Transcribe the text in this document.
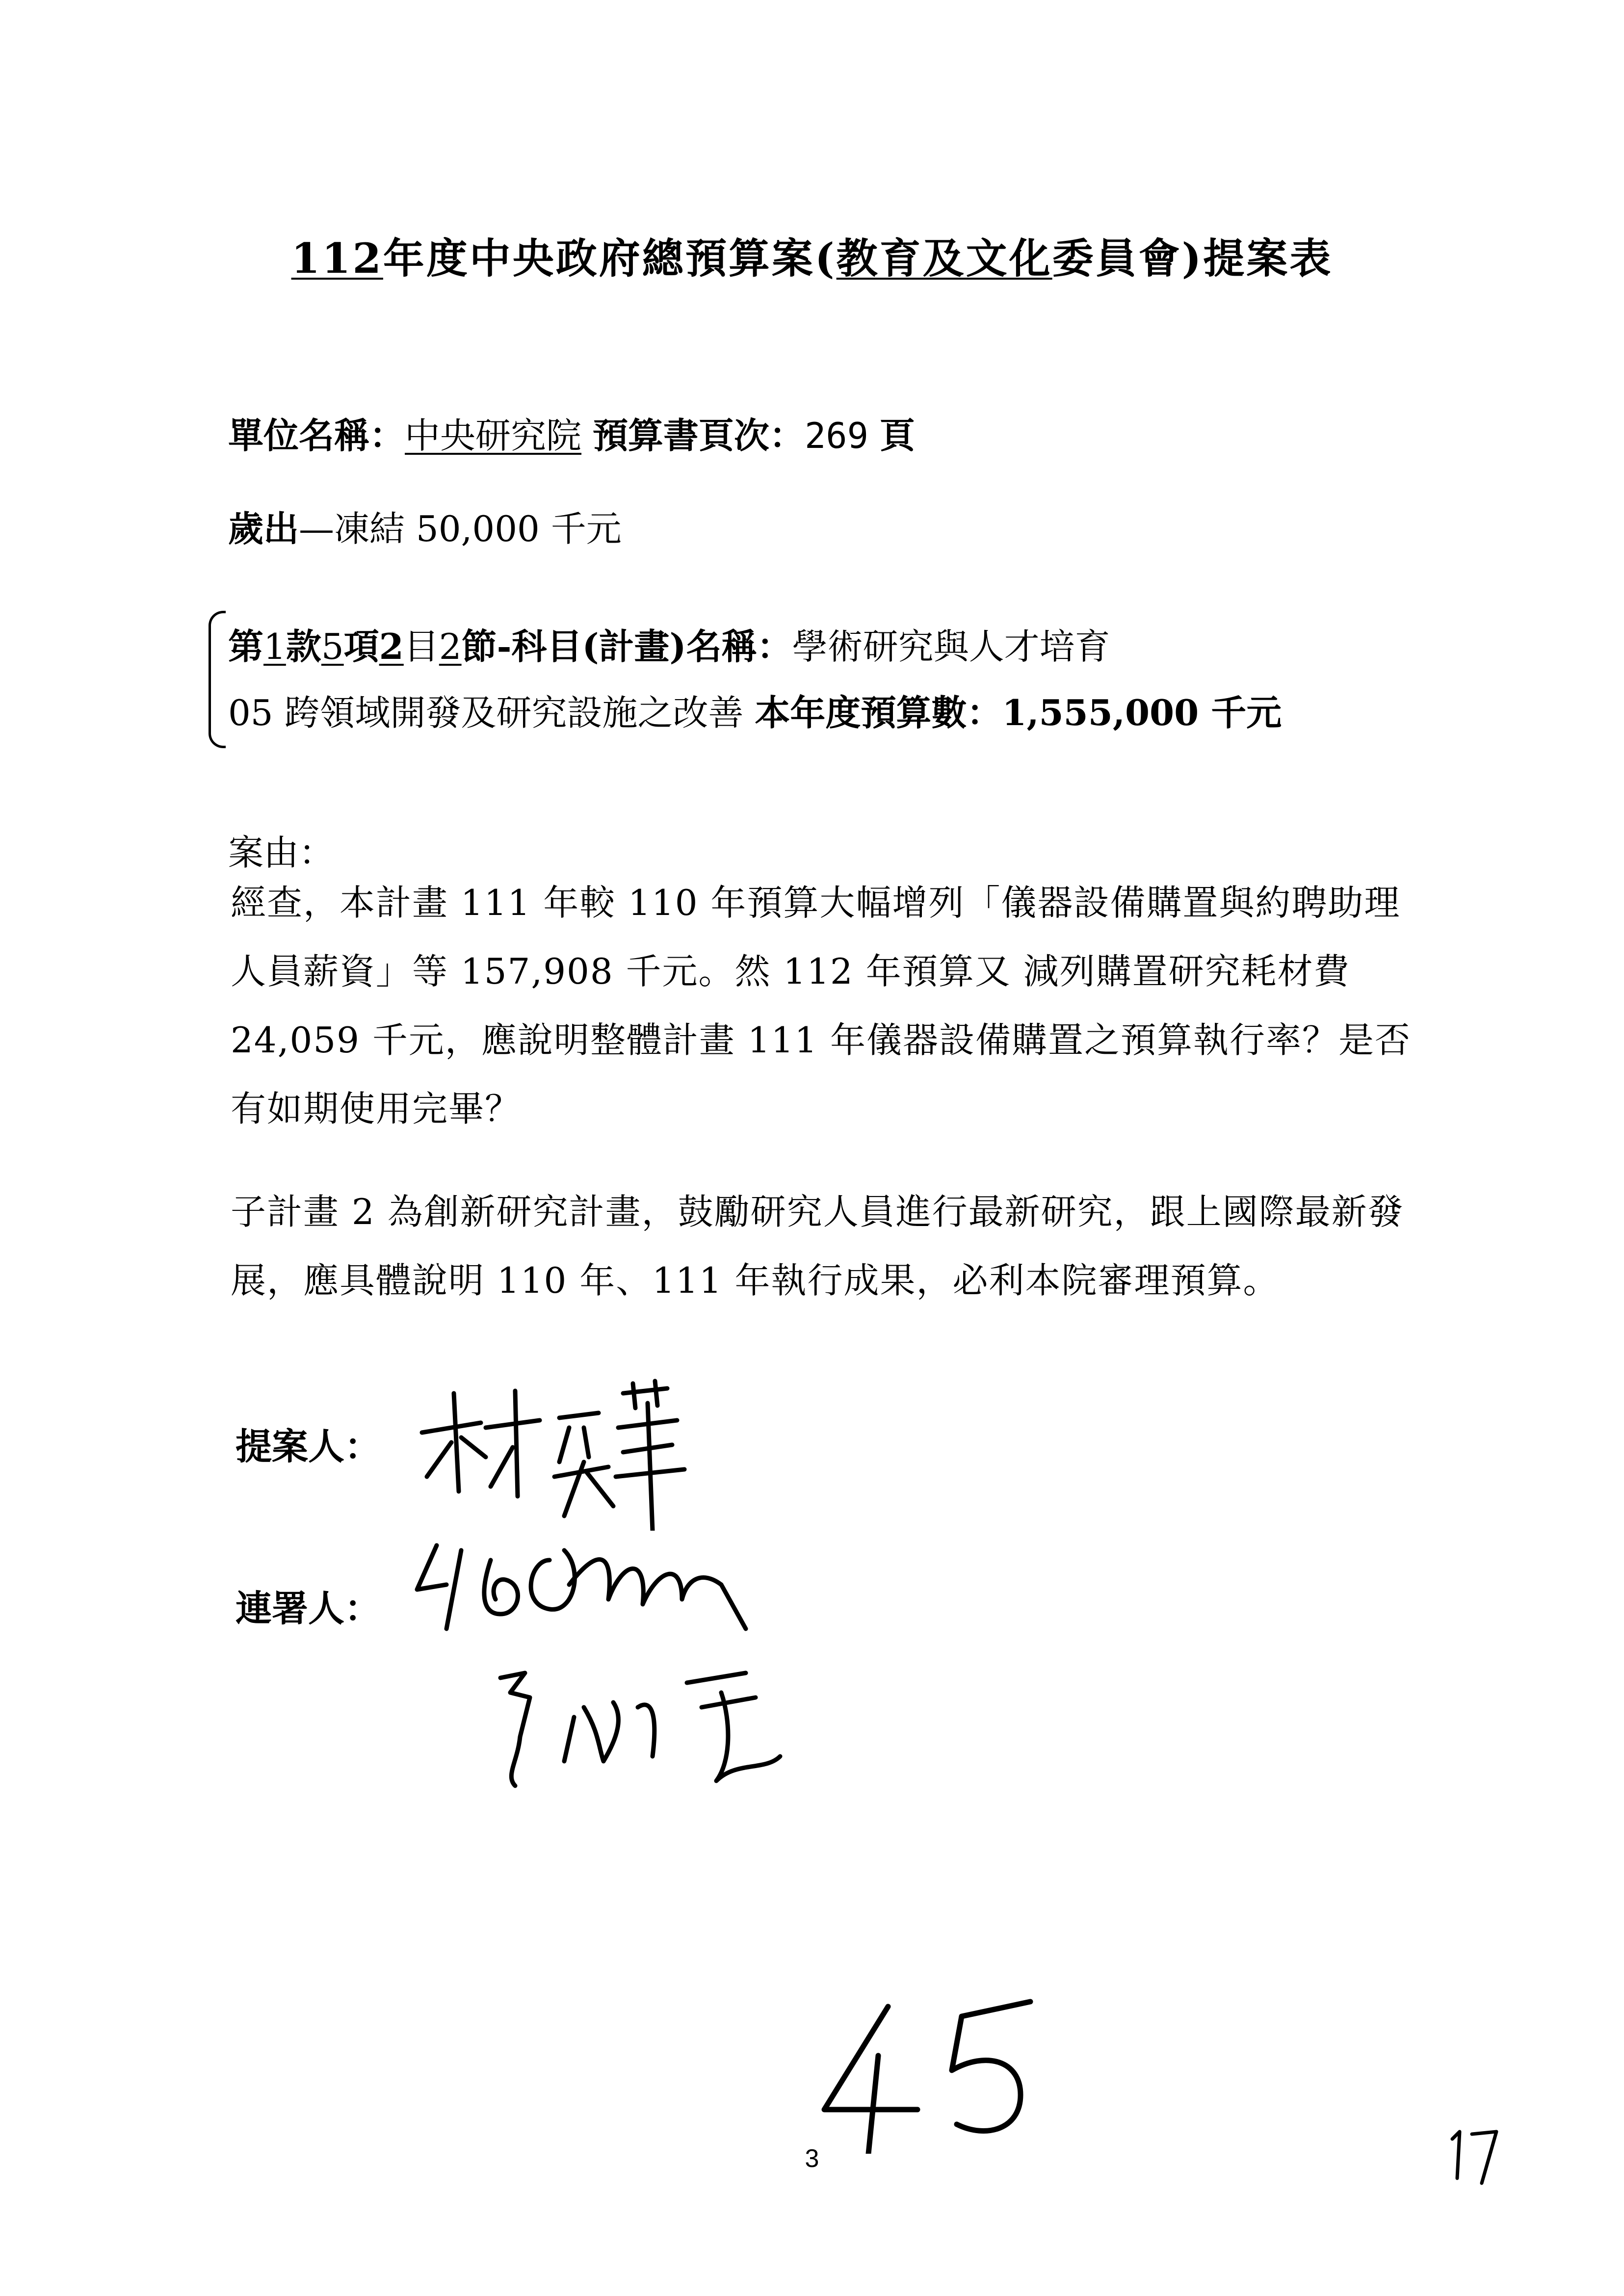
112年度中央政府總預算案(教育及文化委員會)提案表
單位名稱：中央研究院 預算書頁次：269 頁
歲出—凍結 50,000 千元
第1款5項2目2節-科目(計畫)名稱：學術研究與人才培育
05 跨領域開發及研究設施之改善 本年度預算數：1,555,000 千元
案由：
經查，本計畫 111 年較 110 年預算大幅增列「儀器設備購置與約聘助理人員薪資」等 157,908 千元。然 112 年預算又 減列購置研究耗材費 24,059 千元，應說明整體計畫 111 年儀器設備購置之預算執行率？是否有如期使用完畢？
子計畫 2 為創新研究計畫，鼓勵研究人員進行最新研究，跟上國際最新發展，應具體說明 110 年、111 年執行成果，必利本院審理預算。
提案人：
連署人：
3
